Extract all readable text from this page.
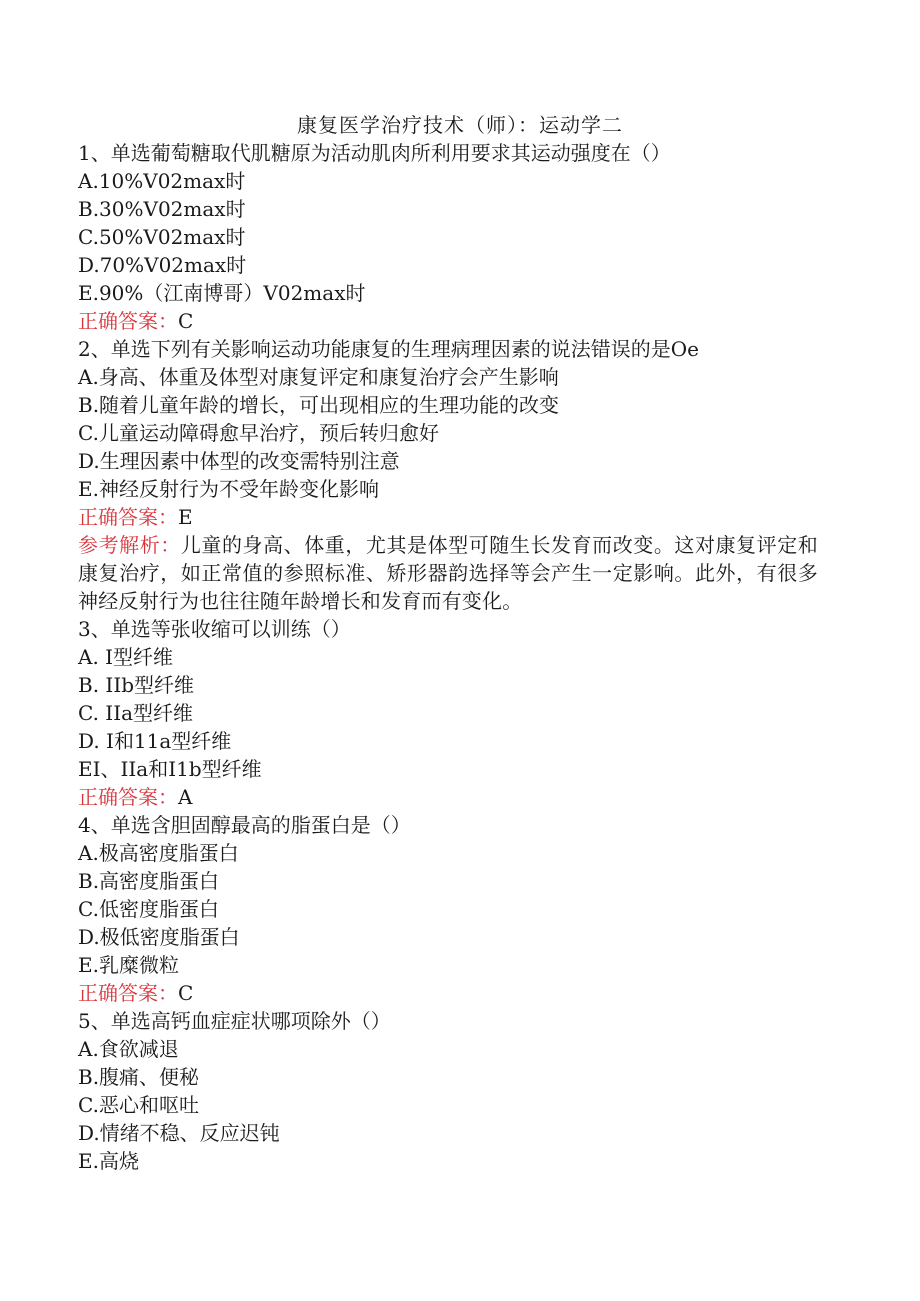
康复医学治疗技术（师）：运动学二
1、单选葡萄糖取代肌糖原为活动肌肉所利用要求其运动强度在（）
A.10%V02max时
B.30%V02max时
C.50%V02max时
D.70%V02max时
E.90%（江南博哥）V02max时
正确答案：C
2、单选下列有关影响运动功能康复的生理病理因素的说法错误的是Oe
A.身高、体重及体型对康复评定和康复治疗会产生影响
B.随着儿童年龄的增长，可出现相应的生理功能的改变
C.儿童运动障碍愈早治疗，预后转归愈好
D.生理因素中体型的改变需特别注意
E.神经反射行为不受年龄变化影响
正确答案：E
参考解析：儿童的身高、体重，尤其是体型可随生长发育而改变。这对康复评定和康复治疗，如正常值的参照标准、矫形器韵选择等会产生一定影响。此外，有很多神经反射行为也往往随年龄增长和发育而有变化。
3、单选等张收缩可以训练（）
A. I型纤维
B. IIb型纤维
C. IIa型纤维
D. I和11a型纤维
EI、IIa和I1b型纤维
正确答案：A
4、单选含胆固醇最高的脂蛋白是（）
A.极高密度脂蛋白
B.高密度脂蛋白
C.低密度脂蛋白
D.极低密度脂蛋白
E.乳糜微粒
正确答案：C
5、单选高钙血症症状哪项除外（）
A.食欲减退
B.腹痛、便秘
C.恶心和呕吐
D.情绪不稳、反应迟钝
E.高烧
